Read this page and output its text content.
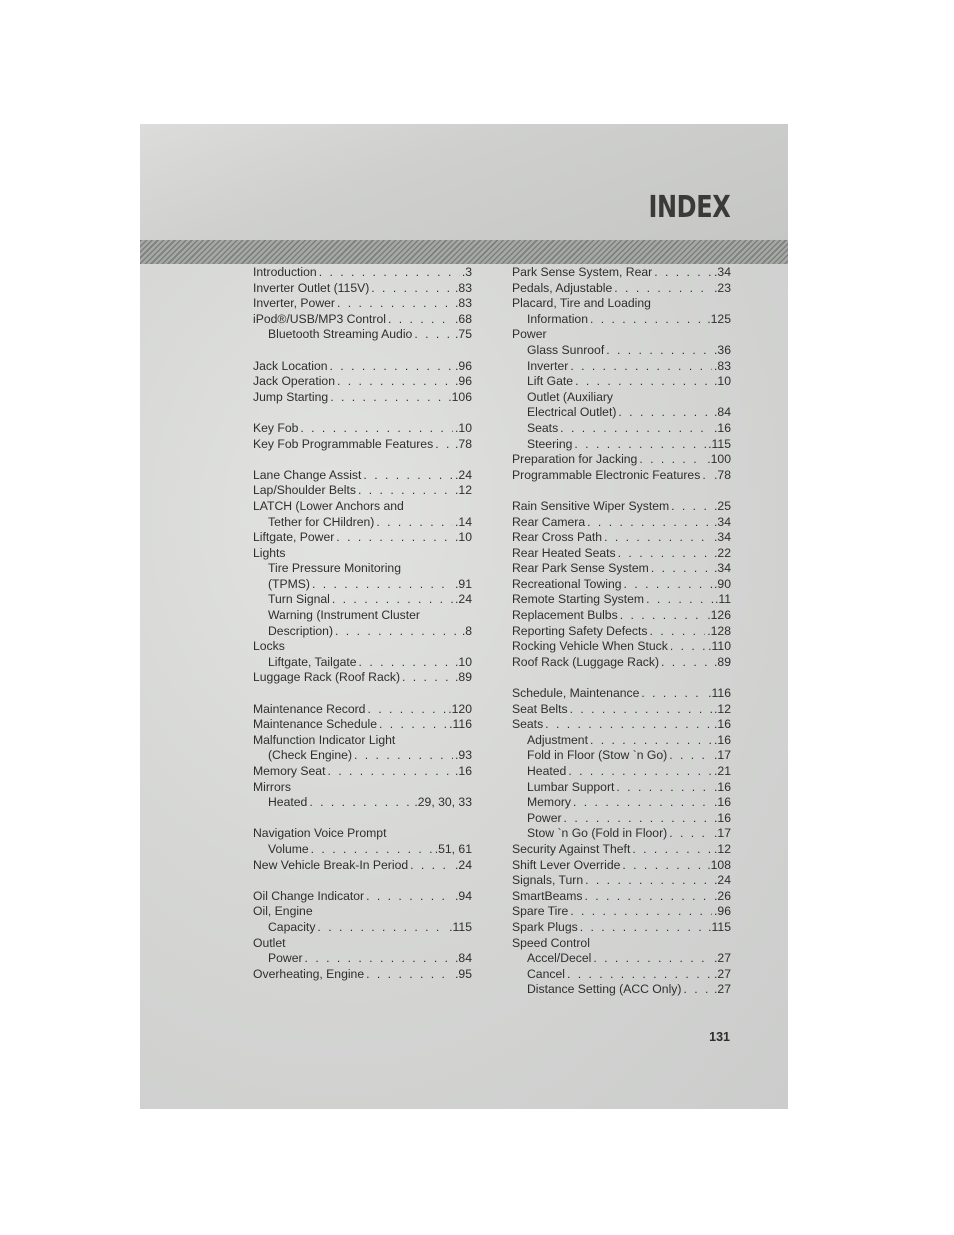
INDEX
Introduction . . .	.3
Inverter Outlet (115V) . . .	.83
Inverter, Power . . .	.83
iPod®/USB/MP3 Control . . .	.68
Bluetooth Streaming Audio . . .	.75
Jack Location . . .	.96
Jack Operation . . .	.96
Jump Starting . . .	.106
Key Fob . . .	.10
Key Fob Programmable Features . . . .78
Lane Change Assist . . .	.24
Lap/Shoulder Belts . . .	.12
LATCH (Lower Anchors and
Tether for CHildren) . . .	.14
Liftgate, Power . . .	.10
Lights
Tire Pressure Monitoring
(TPMS) . . .	.91
Turn Signal . . .	.24
Warning (Instrument Cluster
Description) . . .	.8
Locks
Liftgate, Tailgate . . .	.10
Luggage Rack (Roof Rack) . . .	.89
Maintenance Record . . .	.120
Maintenance Schedule . . .	.116
Malfunction Indicator Light
(Check Engine) . . .	.93
Memory Seat . . .	.16
Mirrors
Heated . . .	.29, 30, 33
Navigation Voice Prompt
Volume . . .	.51, 61
New Vehicle Break-In Period . . .	.24
Oil Change Indicator . . .	.94
Oil, Engine
Capacity . . .	.115
Outlet
Power . . .	.84
Overheating, Engine . . .	.95
Park Sense System, Rear . . .	.34
Pedals, Adjustable . . .	.23
Placard, Tire and Loading
Information . . .	.125
Power
Glass Sunroof . . .	.36
Inverter . . .	.83
Lift Gate . . .	.10
Outlet (Auxiliary
Electrical Outlet) . . .	.84
Seats . . .	.16
Steering . . .	.115
Preparation for Jacking . . .	.100
Programmable Electronic Features . . . .78
Rain Sensitive Wiper System . . .	.25
Rear Camera . . .	.34
Rear Cross Path . . .	.34
Rear Heated Seats . . .	.22
Rear Park Sense System . . .	.34
Recreational Towing . . .	.90
Remote Starting System . . .	.11
Replacement Bulbs . . .	.126
Reporting Safety Defects . . .	.128
Rocking Vehicle When Stuck . . .	.110
Roof Rack (Luggage Rack) . . .	.89
Schedule, Maintenance . . .	.116
Seat Belts . . .	.12
Seats . . .	.16
Adjustment . . .	.16
Fold in Floor (Stow `n Go) . . .	.17
Heated . . .	.21
Lumbar Support . . .	.16
Memory . . .	.16
Power . . .	.16
Stow `n Go (Fold in Floor) . . .	.17
Security Against Theft . . .	.12
Shift Lever Override . . .	.108
Signals, Turn . . .	.24
SmartBeams . . .	.26
Spare Tire . . .	.96
Spark Plugs . . .	.115
Speed Control
Accel/Decel . . .	.27
Cancel . . .	.27
Distance Setting (ACC Only) . . .	.27
131
